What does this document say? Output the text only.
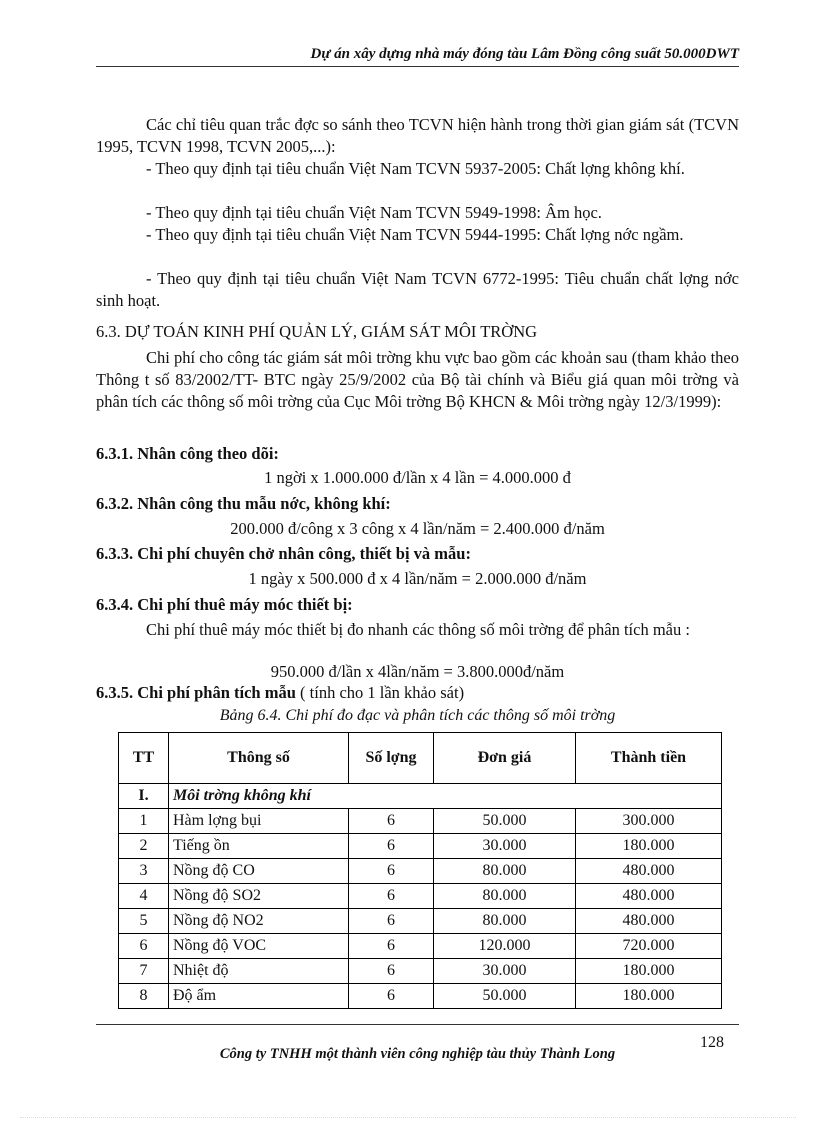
Dự án xây dựng nhà máy đóng tàu Lâm Đồng công suất 50.000DWT
Các chỉ tiêu quan trắc đợc so sánh theo TCVN hiện hành trong thời gian giám sát (TCVN 1995, TCVN 1998, TCVN 2005,...):
- Theo quy định tại tiêu chuẩn Việt Nam TCVN 5937-2005: Chất lợng không khí.
- Theo quy định tại tiêu chuẩn Việt Nam TCVN 5949-1998: Âm học.
- Theo quy định tại tiêu chuẩn Việt Nam TCVN 5944-1995: Chất lợng nớc ngầm.
- Theo quy định tại tiêu chuẩn Việt Nam TCVN 6772-1995: Tiêu chuẩn chất lợng nớc sinh hoạt.
6.3. DỰ TOÁN KINH PHÍ QUẢN LÝ, GIÁM SÁT MÔI TRỜNG
Chi phí cho công tác giám sát môi trờng khu vực bao gồm các khoản sau (tham khảo theo Thông t số 83/2002/TT- BTC ngày 25/9/2002 của Bộ tài chính và Biểu giá quan môi trờng và phân tích các thông số môi trờng của Cục Môi trờng Bộ KHCN & Môi trờng ngày 12/3/1999):
6.3.1. Nhân công theo dõi:
1 ngời x 1.000.000 đ/lần x 4 lần = 4.000.000 đ
6.3.2. Nhân công thu mẫu nớc, không khí:
200.000 đ/công x 3 công x 4 lần/năm = 2.400.000 đ/năm
6.3.3. Chi phí chuyên chở nhân công, thiết bị và mẫu:
1 ngày x 500.000 đ x 4 lần/năm = 2.000.000 đ/năm
6.3.4. Chi phí thuê máy móc thiết bị:
Chi phí thuê máy móc thiết bị đo nhanh các thông số môi trờng để phân tích mẫu :
950.000 đ/lần x 4lần/năm = 3.800.000đ/năm
6.3.5. Chi phí phân tích mẫu ( tính cho 1 lần khảo sát)
Bảng 6.4. Chi phí đo đạc và phân tích các thông số môi trờng
TT	Thông số	Số lợng	Đơn giá	Thành tiền
I.	Môi trờng không khí			
1	Hàm lợng bụi	6	50.000	300.000
2	Tiếng ồn	6	30.000	180.000
3	Nồng độ CO	6	80.000	480.000
4	Nồng độ SO2	6	80.000	480.000
5	Nồng độ NO2	6	80.000	480.000
6	Nồng độ VOC	6	120.000	720.000
7	Nhiệt độ	6	30.000	180.000
8	Độ ẩm	6	50.000	180.000
128
Công ty TNHH một thành viên công nghiệp tàu thủy Thành Long
